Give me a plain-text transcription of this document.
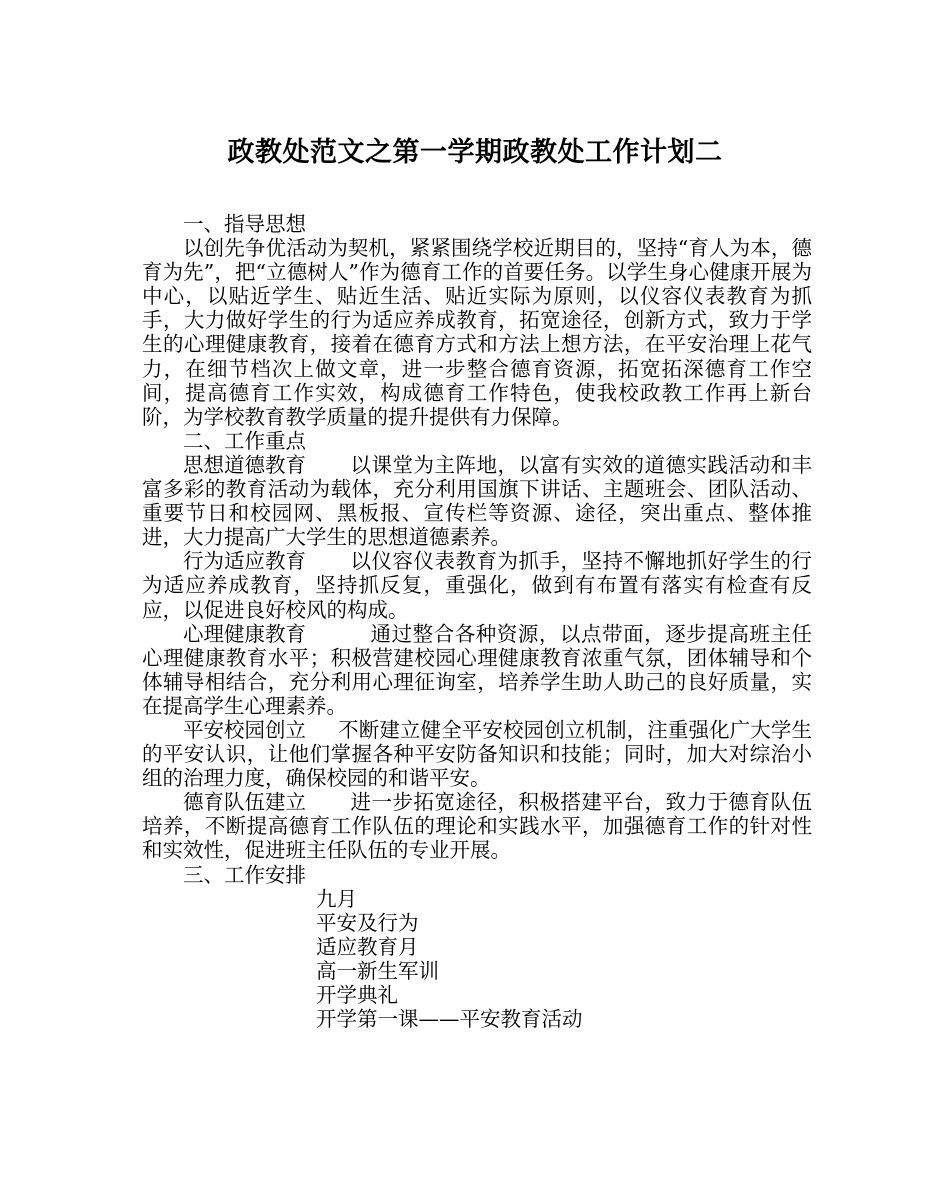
政教处范文之第一学期政教处工作计划二

一、指导思想

以创先争优活动为契机，紧紧围绕学校近期目的，坚持“育人为本，德育为先”，把“立德树人”作为德育工作的首要任务。以学生身心健康开展为中心，以贴近学生、贴近生活、贴近实际为原则，以仪容仪表教育为抓手，大力做好学生的行为适应养成教育，拓宽途径，创新方式，致力于学生的心理健康教育，接着在德育方式和方法上想方法，在平安治理上花气力，在细节档次上做文章，进一步整合德育资源，拓宽拓深德育工作空间，提高德育工作实效，构成德育工作特色，使我校政教工作再上新台阶，为学校教育教学质量的提升提供有力保障。

二、工作重点

思想道德教育 以课堂为主阵地，以富有实效的道德实践活动和丰富多彩的教育活动为载体，充分利用国旗下讲话、主题班会、团队活动、重要节日和校园网、黑板报、宣传栏等资源、途径，突出重点、整体推进，大力提高广大学生的思想道德素养。

行为适应教育 以仪容仪表教育为抓手，坚持不懈地抓好学生的行为适应养成教育，坚持抓反复，重强化，做到有布置有落实有检查有反应，以促进良好校风的构成。

心理健康教育	通过整合各种资源，以点带面，逐步提高班主任心理健康教育水平；积极营建校园心理健康教育浓重气氛，团体辅导和个体辅导相结合，充分利用心理征询室，培养学生助人助己的良好质量，实在提高学生心理素养。

平安校园创立 不断建立健全平安校园创立机制，注重强化广大学生的平安认识，让他们掌握各种平安防备知识和技能；同时，加大对综治小组的治理力度，确保校园的和谐平安。

德育队伍建立 进一步拓宽途径，积极搭建平台，致力于德育队伍培养，不断提高德育工作队伍的理论和实践水平，加强德育工作的针对性和实效性，促进班主任队伍的专业开展。

三、工作安排

九月

平安及行为

适应教育月

高一新生军训

开学典礼

开学第一课——平安教育活动
